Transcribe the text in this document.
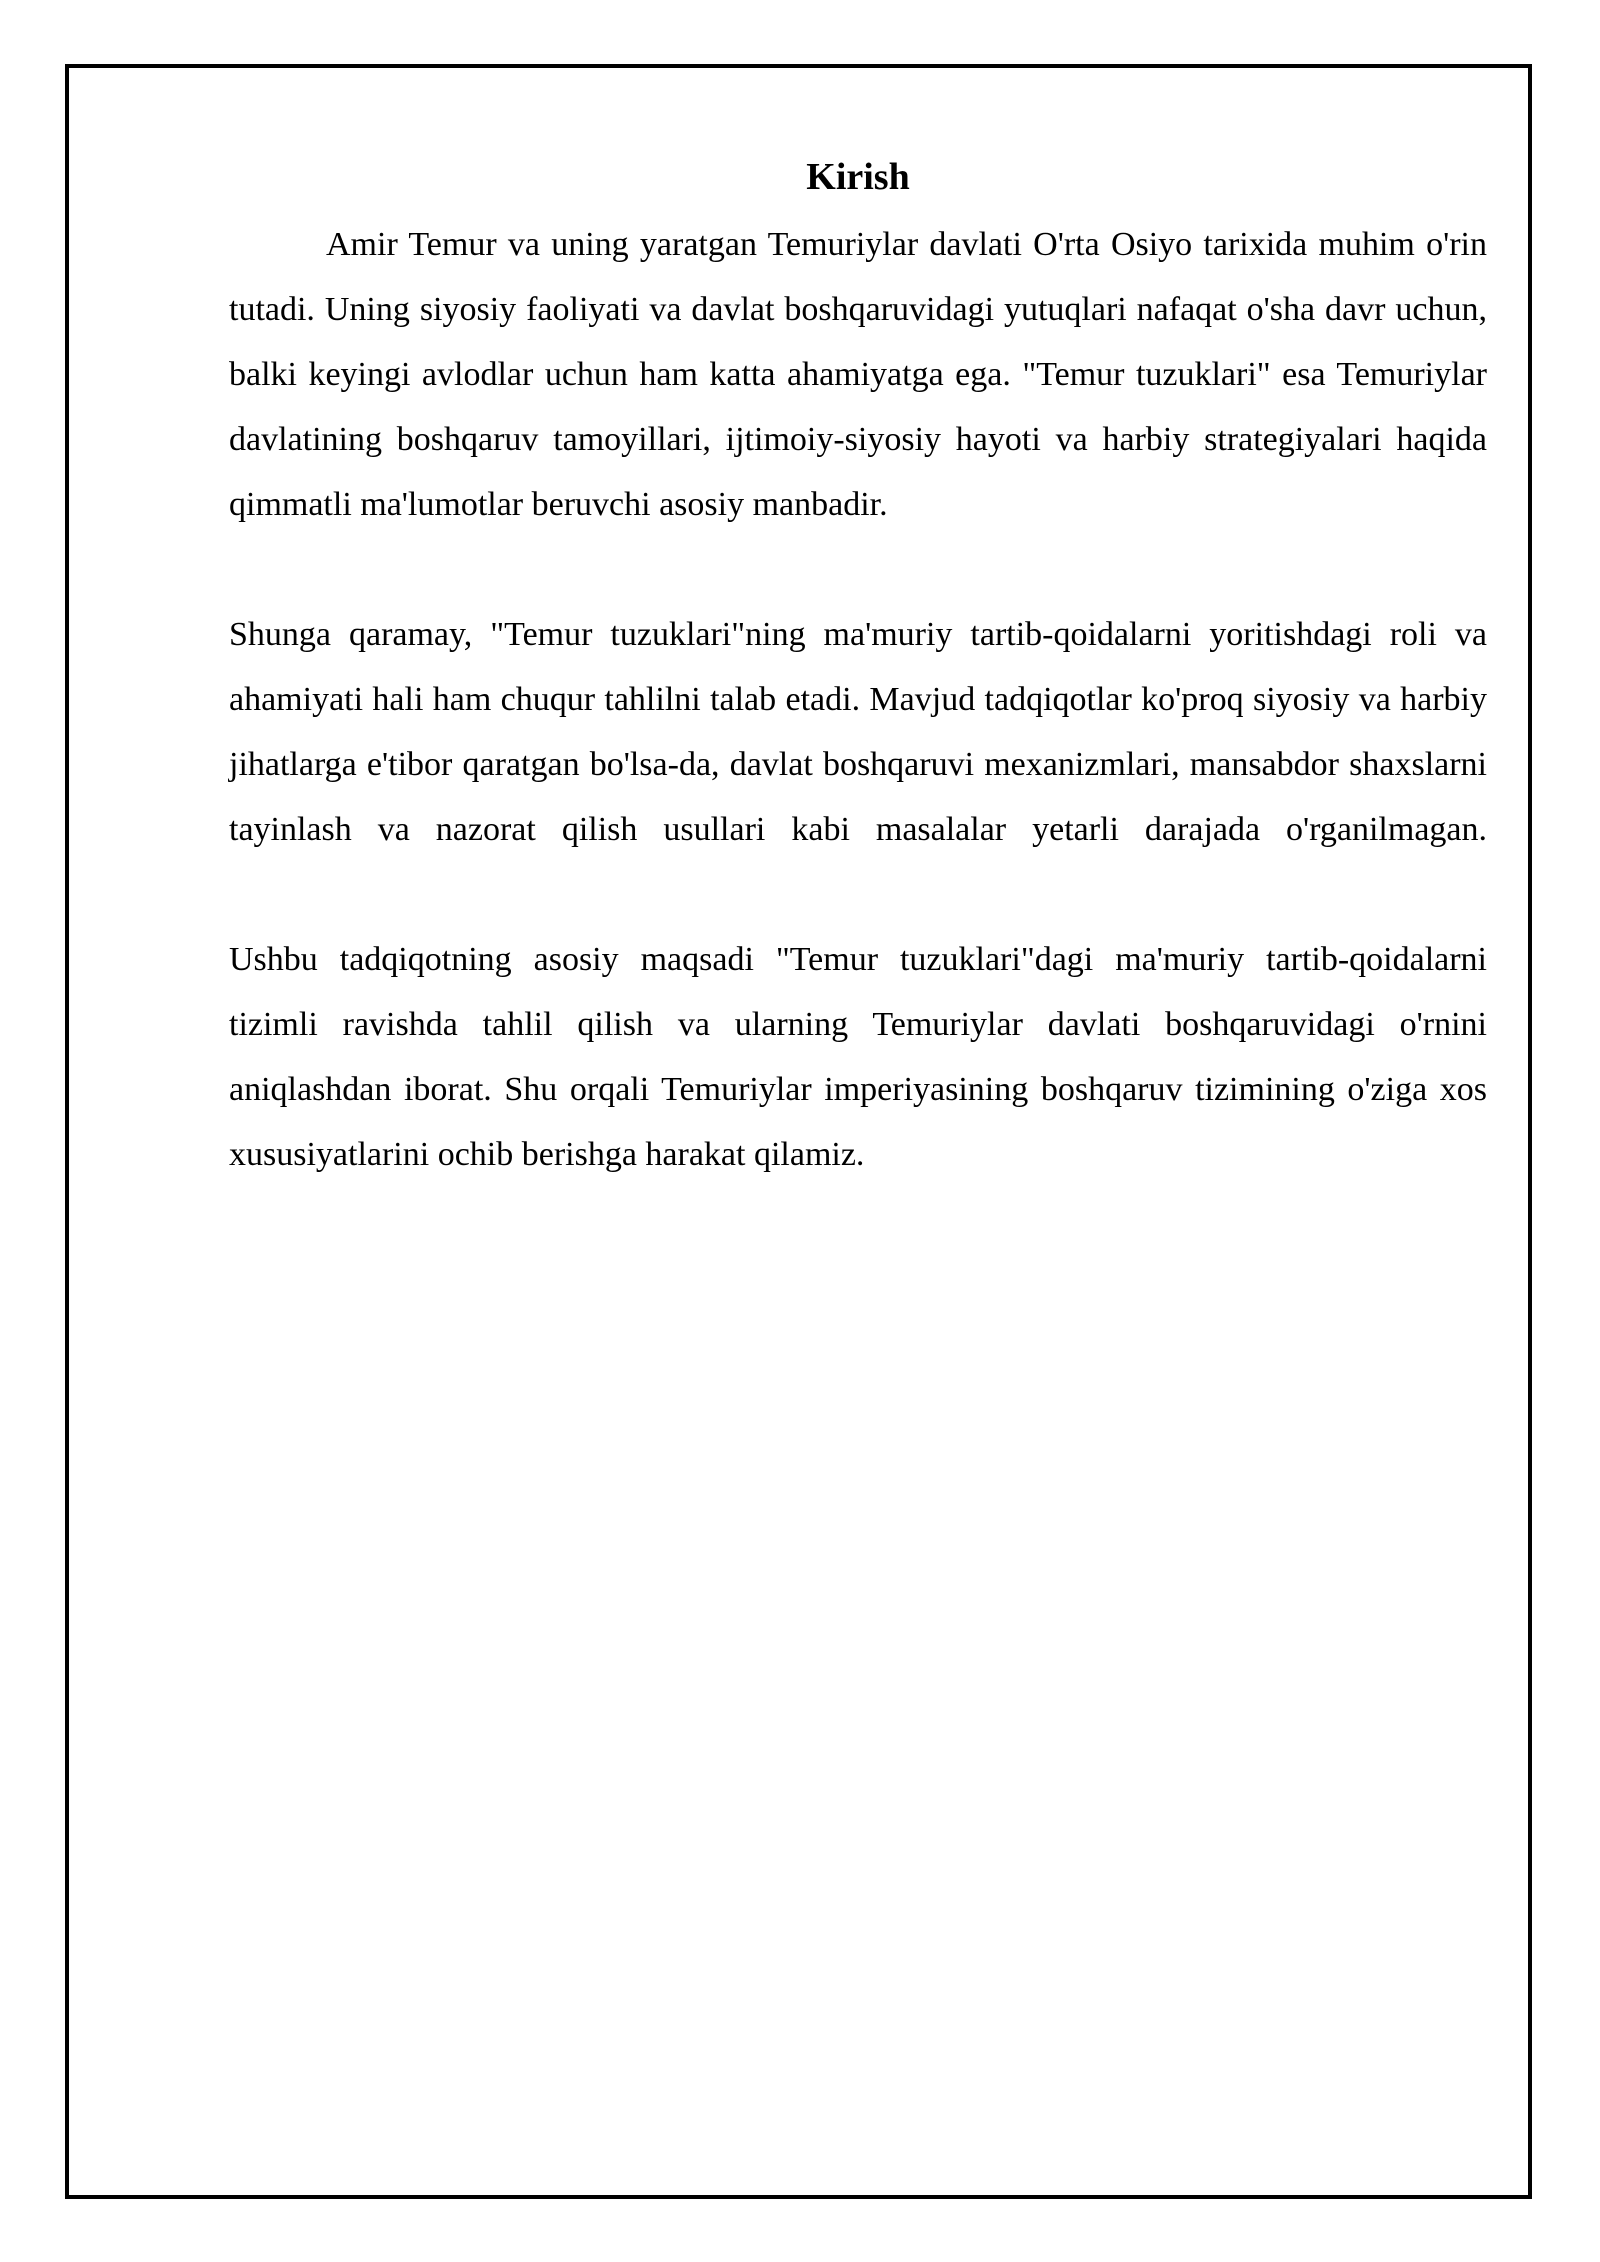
Kirish

Amir Temur va uning yaratgan Temuriylar davlati O'rta Osiyo tarixida muhim o'rin tutadi. Uning siyosiy faoliyati va davlat boshqaruvidagi yutuqlari nafaqat o'sha davr uchun, balki keyingi avlodlar uchun ham katta ahamiyatga ega. "Temur tuzuklari" esa Temuriylar davlatining boshqaruv tamoyillari, ijtimoiy-siyosiy hayoti va harbiy strategiyalari haqida qimmatli ma'lumotlar beruvchi asosiy manbadir.

Shunga qaramay, "Temur tuzuklari"ning ma'muriy tartib-qoidalarni yoritishdagi roli va ahamiyati hali ham chuqur tahlilni talab etadi. Mavjud tadqiqotlar ko'proq siyosiy va harbiy jihatlarga e'tibor qaratgan bo'lsa-da, davlat boshqaruvi mexanizmlari, mansabdor shaxslarni tayinlash va nazorat qilish usullari kabi masalalar yetarli darajada o'rganilmagan.

Ushbu tadqiqotning asosiy maqsadi "Temur tuzuklari"dagi ma'muriy tartib-qoidalarni tizimli ravishda tahlil qilish va ularning Temuriylar davlati boshqaruvidagi o'rnini aniqlashdan iborat. Shu orqali Temuriylar imperiyasining boshqaruv tizimining o'ziga xos xususiyatlarini ochib berishga harakat qilamiz.
